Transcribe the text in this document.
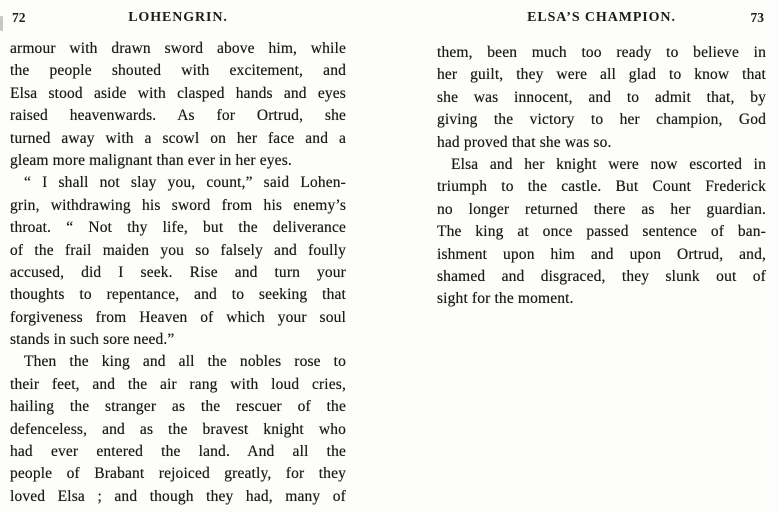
72	LOHENGRIN.
armour with drawn sword above him, while
the people shouted with excitement, and
Elsa stood aside with clasped hands and eyes
raised heavenwards. As for Ortrud, she
turned away with a scowl on her face and a
gleam more malignant than ever in her eyes.
“ I shall not slay you, count,” said Lohen-
grin, withdrawing his sword from his enemy’s
throat. “ Not thy life, but the deliverance
of the frail maiden you so falsely and foully
accused, did I seek. Rise and turn your
thoughts to repentance, and to seeking that
forgiveness from Heaven of which your soul
stands in such sore need.”
Then the king and all the nobles rose to
their feet, and the air rang with loud cries,
hailing the stranger as the rescuer of the
defenceless, and as the bravest knight who
had ever entered the land. And all the
people of Brabant rejoiced greatly, for they
loved Elsa ; and though they had, many of
ELSA’S CHAMPION.	73
them, been much too ready to believe in
her guilt, they were all glad to know that
she was innocent, and to admit that, by
giving the victory to her champion, God
had proved that she was so.
Elsa and her knight were now escorted in
triumph to the castle. But Count Frederick
no longer returned there as her guardian.
The king at once passed sentence of ban-
ishment upon him and upon Ortrud, and,
shamed and disgraced, they slunk out of
sight for the moment.
